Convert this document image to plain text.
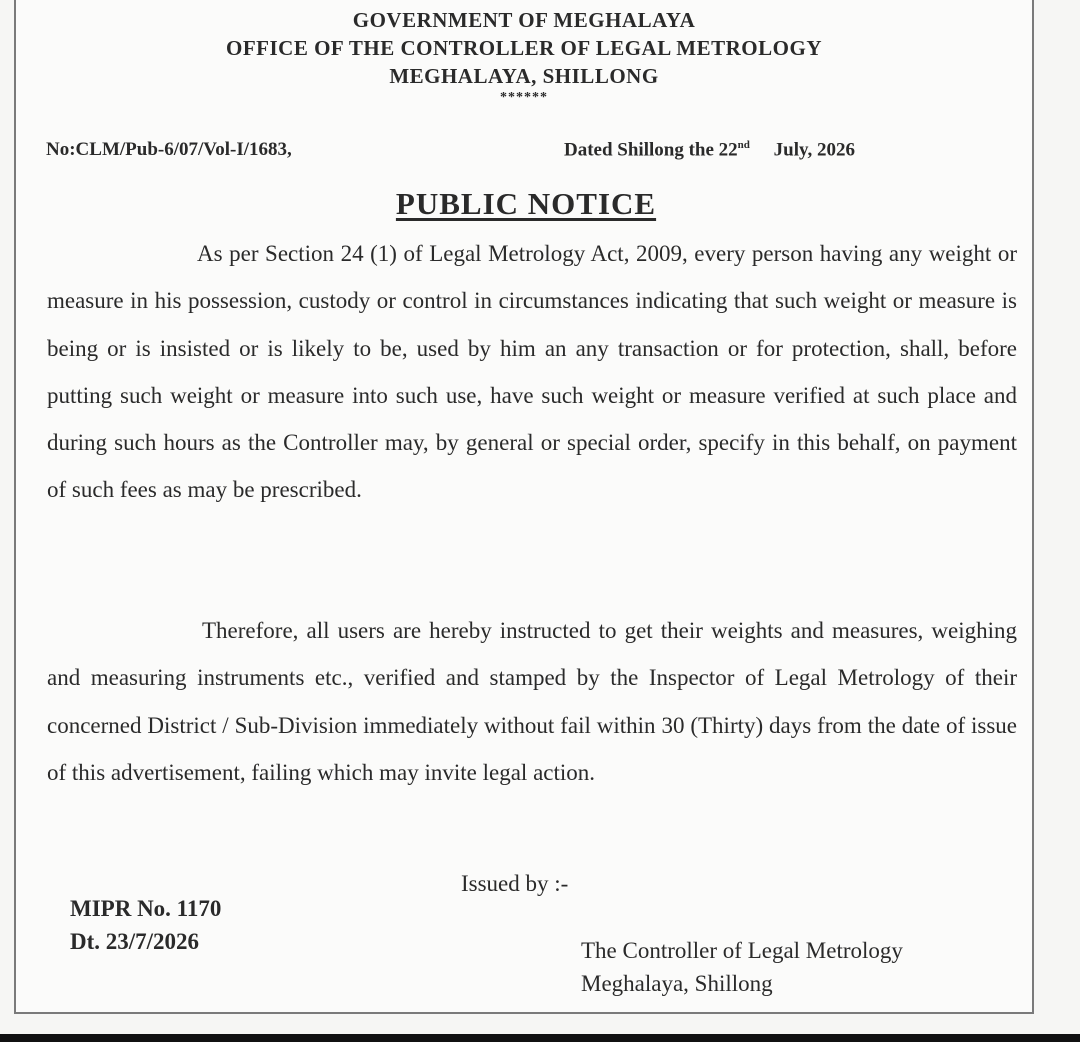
GOVERNMENT OF MEGHALAYA
OFFICE OF THE CONTROLLER OF LEGAL METROLOGY
MEGHALAYA, SHILLONG
******
No:CLM/Pub-6/07/Vol-I/1683,	Dated Shillong the 22nd July, 2026
PUBLIC NOTICE

As per Section 24 (1) of Legal Metrology Act, 2009, every person having any weight or measure in his possession, custody or control in circumstances indicating that such weight or measure is being or is insisted or is likely to be, used by him an any transaction or for protection, shall, before putting such weight or measure into such use, have such weight or measure verified at such place and during such hours as the Controller may, by general or special order, specify in this behalf, on payment of such fees as may be prescribed.

Therefore, all users are hereby instructed to get their weights and measures, weighing and measuring instruments etc., verified and stamped by the Inspector of Legal Metrology of their concerned District / Sub-Division immediately without fail within 30 (Thirty) days from the date of issue of this advertisement, failing which may invite legal action.

MIPR No. 1170
Dt. 23/7/2026
Issued by :-
The Controller of Legal Metrology
Meghalaya, Shillong
